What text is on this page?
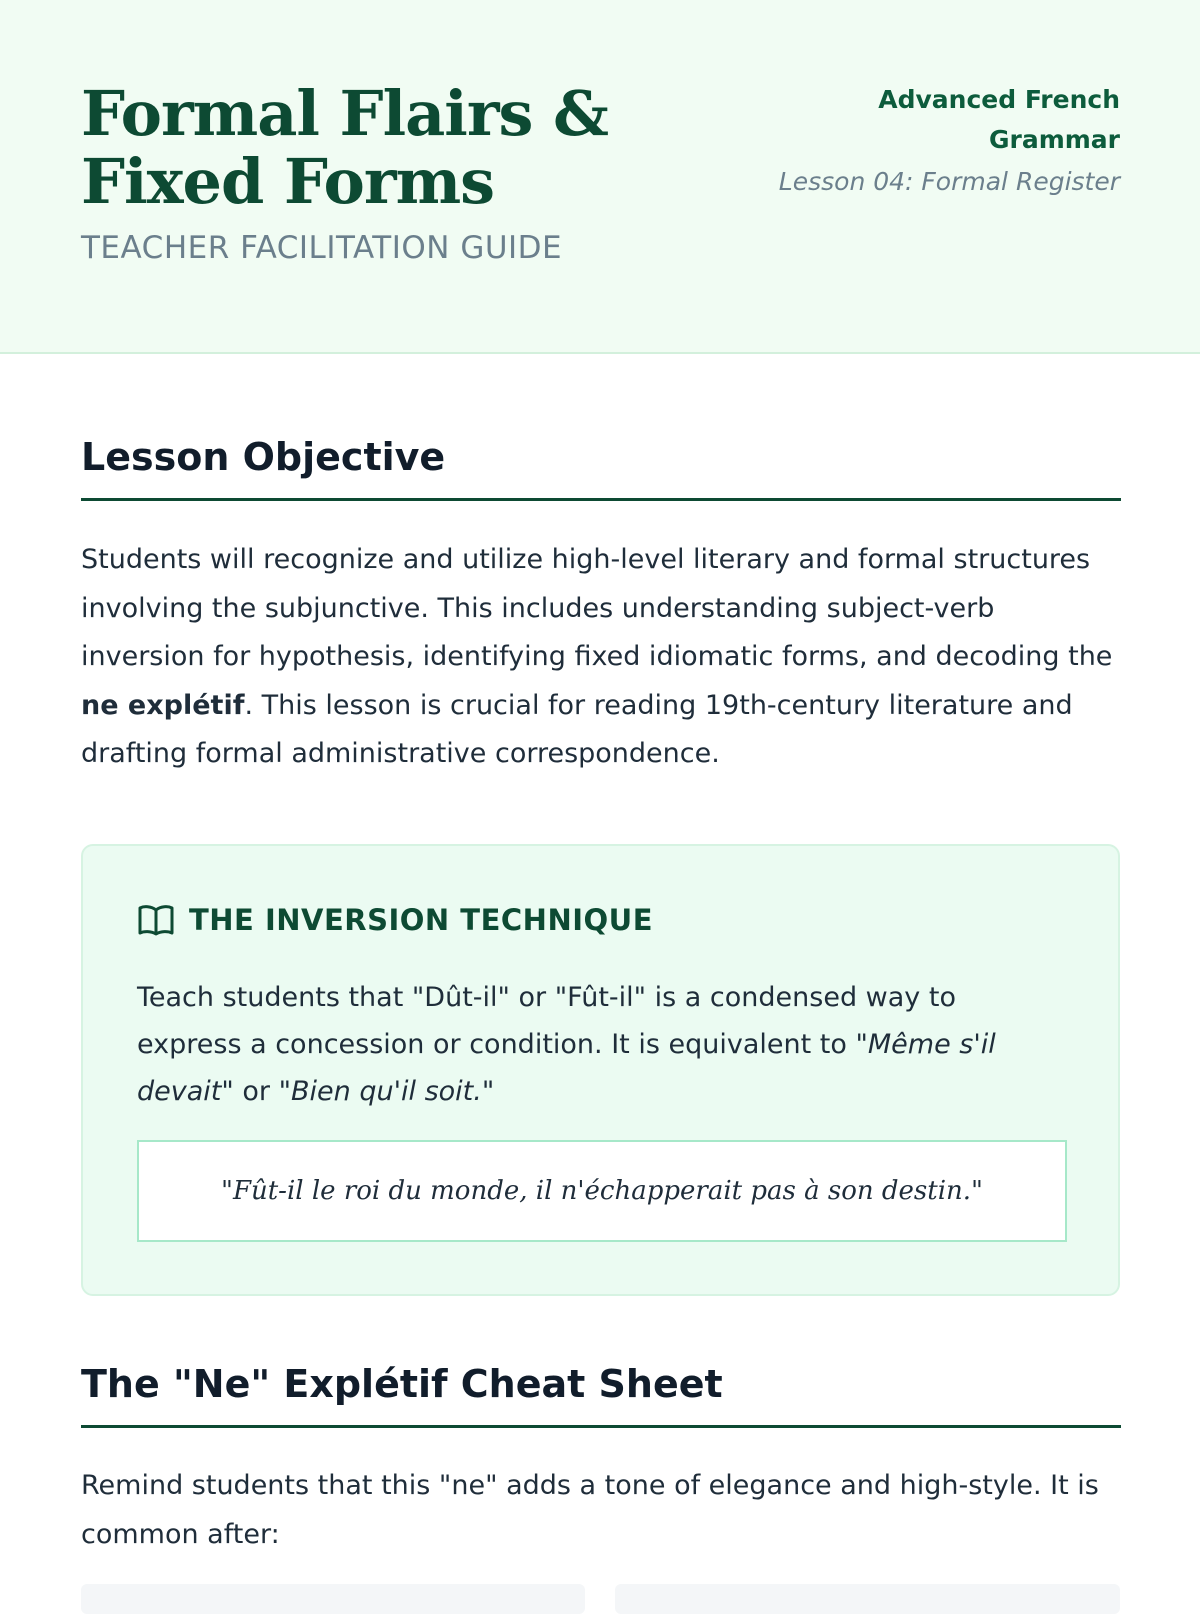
Formal Flairs & Fixed Forms
TEACHER FACILITATION GUIDE
Advanced French Grammar
Lesson 04: Formal Register
Lesson Objective

Students will recognize and utilize high-level literary and formal structures involving the subjunctive. This includes understanding subject-verb inversion for hypothesis, identifying fixed idiomatic forms, and decoding the ne explétif. This lesson is crucial for reading 19th-century literature and drafting formal administrative correspondence.

THE INVERSION TECHNIQUE

Teach students that "Dût-il" or "Fût-il" is a condensed way to express a concession or condition. It is equivalent to "Même s'il devait" or "Bien qu'il soit."

"Fût-il le roi du monde, il n'échapperait pas à son destin."
The "Ne" Explétif Cheat Sheet

Remind students that this "ne" adds a tone of elegance and high-style. It is common after:
